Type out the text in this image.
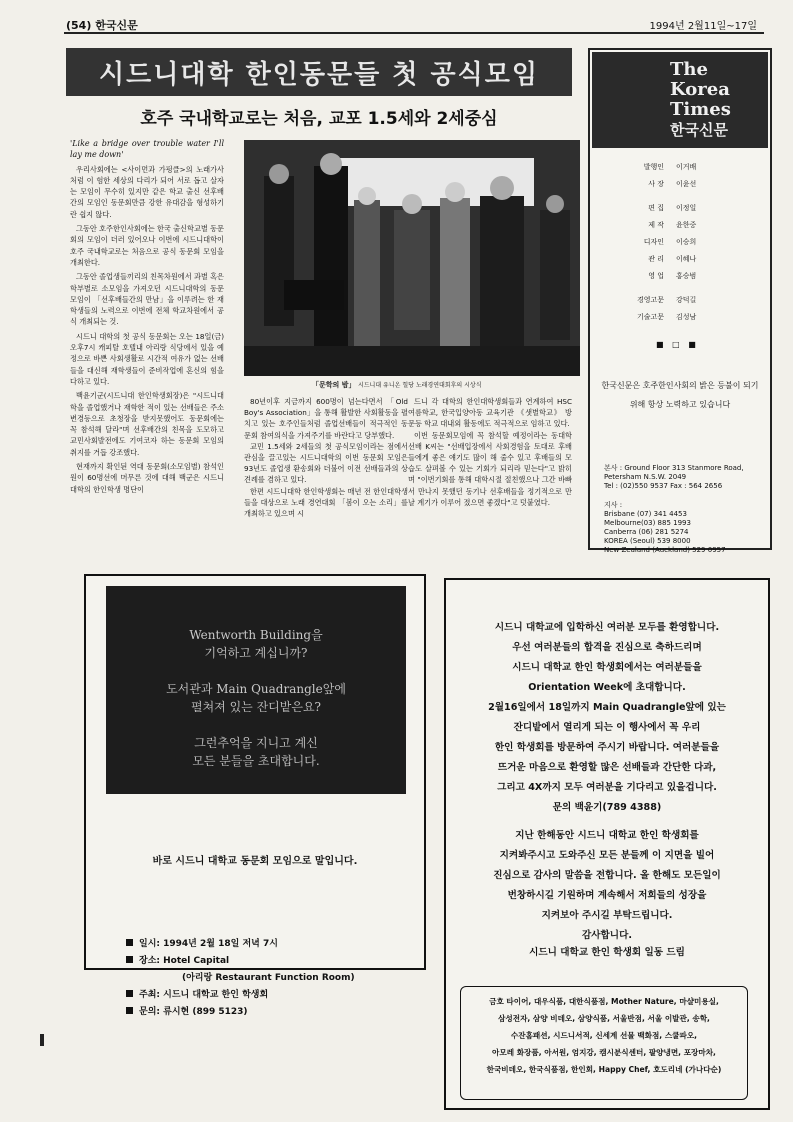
(54) 한국신문	1994년 2월11일~17일
시드니대학 한인동문들 첫 공식모임
호주 국내학교로는 처음, 교포 1.5세와 2세중심
The
Korea
Times
한국신문
발행인	이거배
사 장	이윤선
편 집	이정일
제 작	윤한중
디자인	이승희
관 리	이혜나
영 업	홍승범
경영고문	강덕길
기술고문	김성남
■ □ ■
한국신문은 호주한인사회의 밝은 등불이 되기 위해 항상 노력하고 있습니다
본사 : Ground Floor 313 Stanmore Road, Petersham N.S.W. 2049
Tel : (02)550 9537 Fax : 564 2656
지사 :
Brisbane (07) 341 4453
Melbourne(03) 885 1993
Canberra (06) 281 5274
KOREA (Seoul) 539 8000
New Zealand (Auckland) 529 0957

'Like a bridge over trouble water I'll lay me down'

우리사회에는 <사이먼과 가펑클>의 노래가사처럼 이 험한 세상의 다리가 되어 서로 돕고 살자는 모임이 무수히 있지만 같은 학교 출신 선후배간의 모임인 동문회만큼 강한 유대감을 형성하기란 쉽지 않다.

그동안 호주한인사회에는 한국 출신학교별 동문회의 모임이 더러 있어오나 이번에 시드니대학이 호주 국내학교로는 처음으로 공식 동문회 모임을 개최한다.

그동안 졸업생들끼리의 친목차원에서 과별 혹은 학부별로 소모임을 가져오던 시드니대학의 동문모임이 「선후배들간의 만남」을 이루려는 한 재학생들의 노력으로 이번에 전체 학교차원에서 공식 개최되는 것.

시드니 대학의 첫 공식 동문회는 오는 18일(금) 오후7시 캐피탈 호텔내 아리랑 식당에서 있을 예정으로 바쁜 사회생활로 시간적 여유가 없는 선배들을 대신해 재학생들이 준비작업에 혼신의 힘을 다하고 있다.

백윤기군(시드니대 한인학생회장)은 "시드니대학을 졸업했거나 재학한 적이 있는 선배들은 주소변경등으로 초청장을 받지못했어도 동문회에는 꼭 참석해 달라"며 선후배간의 친목을 도모하고 교민사회발전에도 기여코자 하는 동문회 모임의 취지를 거듭 강조했다.

현재까지 확인된 역대 동문회(소모임별) 참석인원이 60명선에 머무른 것에 대해 백군은 시드니대학의 한인학생 명단이

「문학의 밤」 시드니대 유니온 힐당 노래경연대회후의 시상식

80년이후 지금까지 600명이 넘는다면서 「Old Boy's Association」을 통해 활발한 사회활동을 펼치고 있는 호주인들처럼 졸업선배들이 적극적인 동문회 참여의식을 가져주기를 바란다고 당부했다.

교민 1.5세와 2세들의 첫 공식모임이라는 점에서 관심을 끌고있는 시드니대학의 이번 동문회 모임은 93년도 졸업생 환송회와 더불어 이전 선배들과의 상견례를 겸하고 있다.

한편 시드니대학 한인학생회는 매년 전 한인대학생들을 대상으로 노래 경연대회 「봄이 오는 소리」를 개최하고 있으며 시

드니 각 대학의 한인대학생회들과 연계하여 HSC여름학교, 한국입양아동 교육기관 《샛별학교》 방문등 학교 대내외 활동에도 적극적으로 임하고 있다.

이번 동문회모임에 꼭 참석할 예정이라는 동대학 선배 K씨는 "선배입장에서 사회경험을 토대로 후배들에게 좋은 얘기도 많이 해 줄수 있고 후배들의 모습도 살펴볼 수 있는 기회가 되리라 믿는다"고 밝히며 "이번기회를 통해 대학시절 절친했으나 그간 바빠서 만나지 못했던 동기나 선후배들을 정기적으로 만날 계기가 이루어 졌으면 좋겠다"고 덧붙였다.

Wentworth Building을
기억하고 계십니까?

도서관과 Main Quadrangle앞에
펼쳐져 있는 잔디밭은요?

그런추억을 지니고 계신
모든 분들을 초대합니다.

바로 시드니 대학교 동문회 모임으로 말입니다.
일시: 1994년 2월 18일 저녁 7시
장소: Hotel Capital
(아리랑 Restaurant Function Room)
주최: 시드니 대학교 한인 학생회
문의: 류시현 (899 5123)
시드니 대학교에 입학하신 여러분 모두를 환영합니다.
우선 여러분들의 합격을 진심으로 축하드리며
시드니 대학교 한인 학생회에서는 여러분들을
Orientation Week에 초대합니다.
2월16일에서 18일까지 Main Quadrangle앞에 있는
잔디밭에서 열리게 되는 이 행사에서 꼭 우리
한인 학생회를 방문하여 주시기 바랍니다. 여러분들을
뜨거운 마음으로 환영할 많은 선배들과 간단한 다과,
그리고 4X까지 모두 여러분을 기다리고 있을겁니다.
문의 백윤기(789 4388)
지난 한해동안 시드니 대학교 한인 학생회를
지켜봐주시고 도와주신 모든 분들께 이 지면을 빌어
진심으로 감사의 말씀을 전합니다. 올 한해도 모든일이
번창하시길 기원하며 계속해서 저희들의 성장을
지켜보아 주시길 부탁드립니다.
감사합니다.
시드니 대학교 한인 학생회 일동 드림
금호 타이어, 대우식품, 대한식품점, Mother Nature, 마샬미용실,
삼성전자, 삼양 비데오, 삼양식품, 서울반점, 서울 이발관, 송학,
수잔홈패션, 시드니서적, 신세계 선물 백화점, 스쿨파오,
아모레 화장품, 아서원, 엄지강, 캠시분식센터, 팔양냉면, 포장마차,
한국비데오, 한국식품점, 한인회, Happy Chef, 호도리네 (가나다순)
